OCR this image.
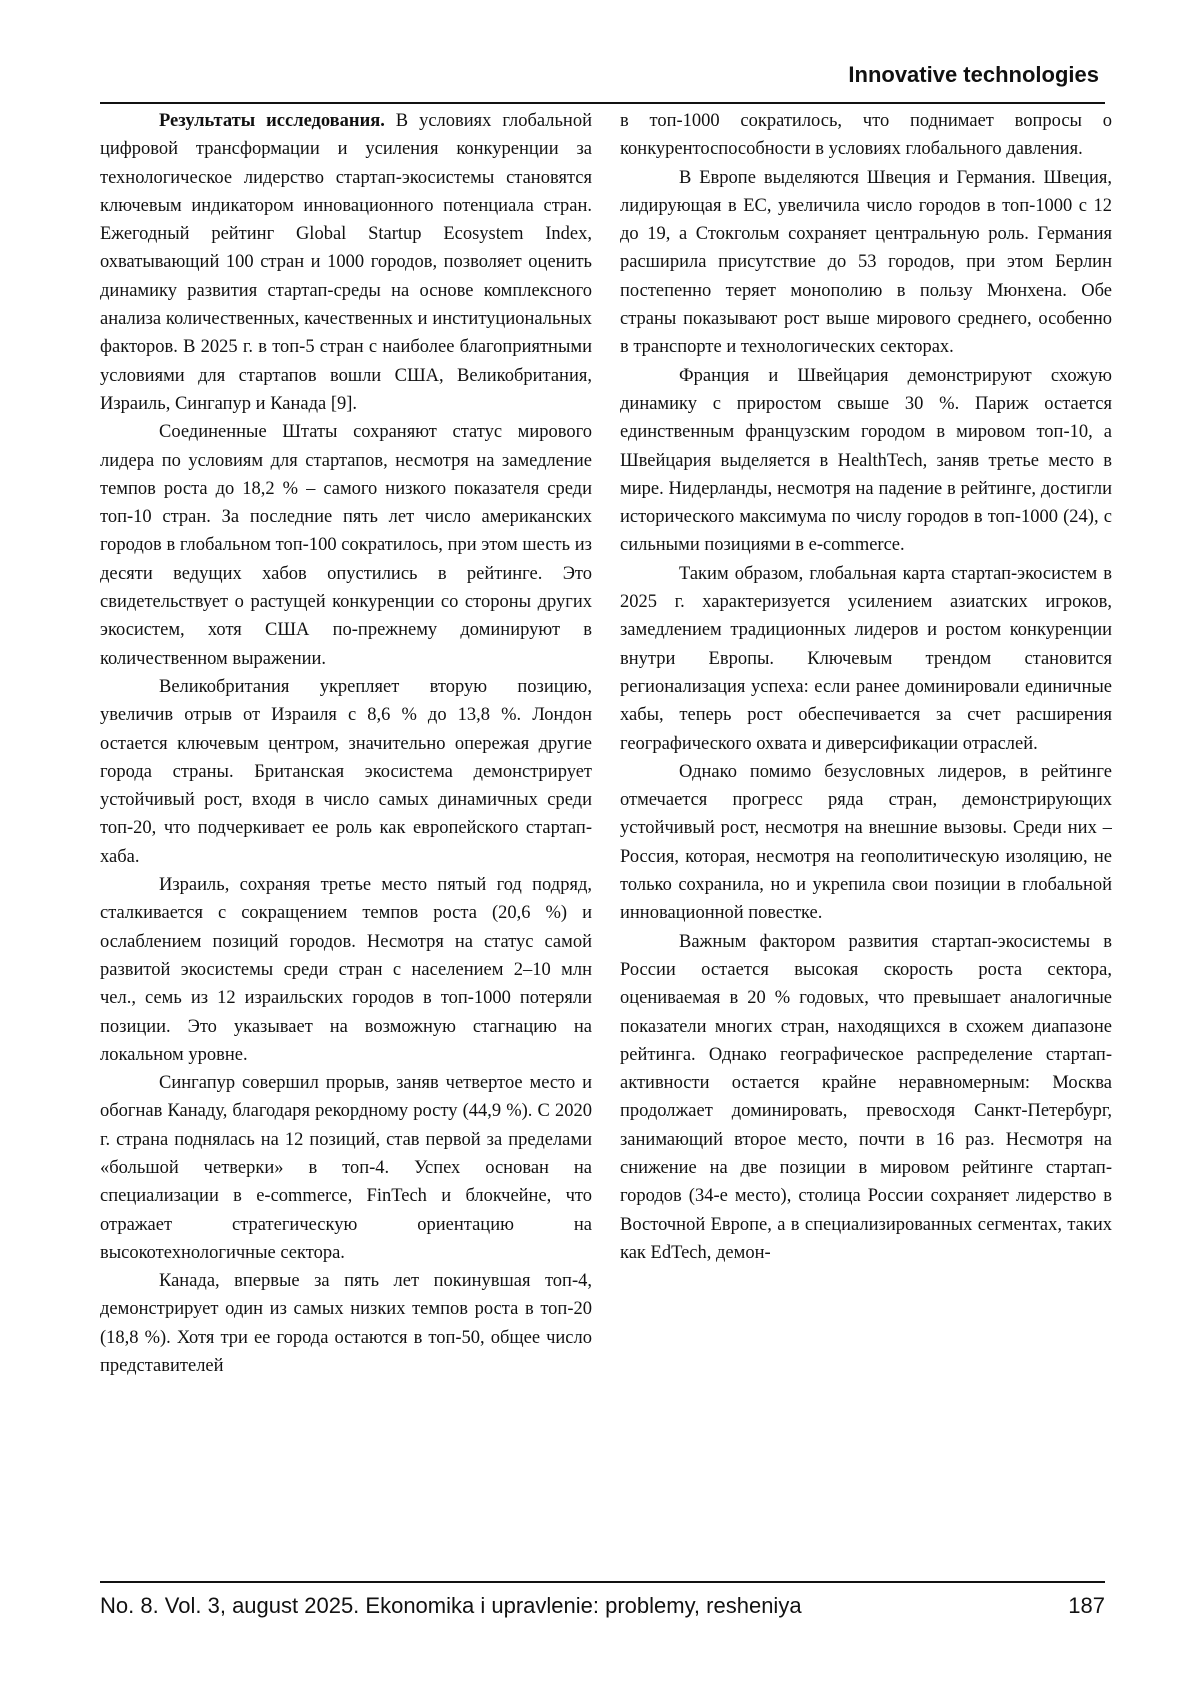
Innovative technologies

Результаты исследования. В условиях глобальной цифровой трансформации и усиления конкуренции за технологическое лидерство стартап-экосистемы становятся ключевым индикатором инновационного потенциала стран. Ежегодный рейтинг Global Startup Ecosystem Index, охватывающий 100 стран и 1000 городов, позволяет оценить динамику развития стартап-среды на основе комплексного анализа количественных, качественных и институциональных факторов. В 2025 г. в топ-5 стран с наиболее благоприятными условиями для стартапов вошли США, Великобритания, Израиль, Сингапур и Канада [9].

Соединенные Штаты сохраняют статус мирового лидера по условиям для стартапов, несмотря на замедление темпов роста до 18,2 % – самого низкого показателя среди топ-10 стран. За последние пять лет число американских городов в глобальном топ-100 сократилось, при этом шесть из десяти ведущих хабов опустились в рейтинге. Это свидетельствует о растущей конкуренции со стороны других экосистем, хотя США по-прежнему доминируют в количественном выражении.

Великобритания укрепляет вторую позицию, увеличив отрыв от Израиля с 8,6 % до 13,8 %. Лондон остается ключевым центром, значительно опережая другие города страны. Британская экосистема демонстрирует устойчивый рост, входя в число самых динамичных среди топ-20, что подчеркивает ее роль как европейского стартап-хаба.

Израиль, сохраняя третье место пятый год подряд, сталкивается с сокращением темпов роста (20,6 %) и ослаблением позиций городов. Несмотря на статус самой развитой экосистемы среди стран с населением 2–10 млн чел., семь из 12 израильских городов в топ-1000 потеряли позиции. Это указывает на возможную стагнацию на локальном уровне.

Сингапур совершил прорыв, заняв четвертое место и обогнав Канаду, благодаря рекордному росту (44,9 %). С 2020 г. страна поднялась на 12 позиций, став первой за пределами «большой четверки» в топ-4. Успех основан на специализации в e-commerce, FinTech и блокчейне, что отражает стратегическую ориентацию на высокотехнологичные сектора.

Канада, впервые за пять лет покинувшая топ-4, демонстрирует один из самых низких темпов роста в топ-20 (18,8 %). Хотя три ее города остаются в топ-50, общее число представителей

в топ-1000 сократилось, что поднимает вопросы о конкурентоспособности в условиях глобального давления.

В Европе выделяются Швеция и Германия. Швеция, лидирующая в ЕС, увеличила число городов в топ-1000 с 12 до 19, а Стокгольм сохраняет центральную роль. Германия расширила присутствие до 53 городов, при этом Берлин постепенно теряет монополию в пользу Мюнхена. Обе страны показывают рост выше мирового среднего, особенно в транспорте и технологических секторах.

Франция и Швейцария демонстрируют схожую динамику с приростом свыше 30 %. Париж остается единственным французским городом в мировом топ-10, а Швейцария выделяется в HealthTech, заняв третье место в мире. Нидерланды, несмотря на падение в рейтинге, достигли исторического максимума по числу городов в топ-1000 (24), с сильными позициями в e-commerce.

Таким образом, глобальная карта стартап-экосистем в 2025 г. характеризуется усилением азиатских игроков, замедлением традиционных лидеров и ростом конкуренции внутри Европы. Ключевым трендом становится регионализация успеха: если ранее доминировали единичные хабы, теперь рост обеспечивается за счет расширения географического охвата и диверсификации отраслей.

Однако помимо безусловных лидеров, в рейтинге отмечается прогресс ряда стран, демонстрирующих устойчивый рост, несмотря на внешние вызовы. Среди них – Россия, которая, несмотря на геополитическую изоляцию, не только сохранила, но и укрепила свои позиции в глобальной инновационной повестке.

Важным фактором развития стартап-экосистемы в России остается высокая скорость роста сектора, оцениваемая в 20 % годовых, что превышает аналогичные показатели многих стран, находящихся в схожем диапазоне рейтинга. Однако географическое распределение стартап-активности остается крайне неравномерным: Москва продолжает доминировать, превосходя Санкт-Петербург, занимающий второе место, почти в 16 раз. Несмотря на снижение на две позиции в мировом рейтинге стартап-городов (34-е место), столица России сохраняет лидерство в Восточной Европе, а в специализированных сегментах, таких как EdTech, демон-

No. 8. Vol. 3, august 2025. Ekonomika i upravlenie: problemy, resheniya	187
